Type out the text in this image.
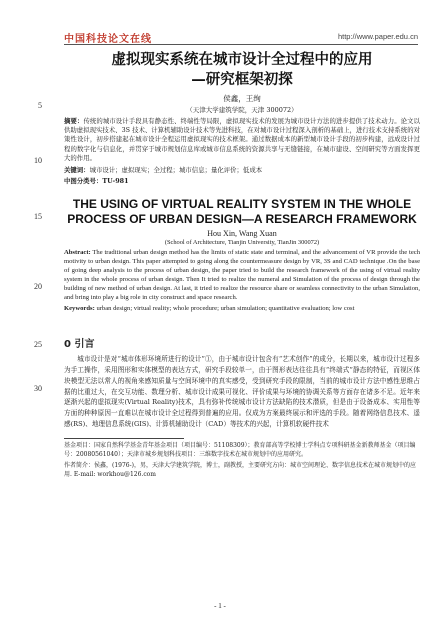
中国科技论文在线	http://www.paper.edu.cn
5
10
15
20
25
30
虚拟现实系统在城市设计全过程中的应用
—研究框架初探
侯鑫，王绚
（天津大学建筑学院，天津 300072）
摘要：传统的城市设计手段具有静态性、终端性等局限，虚拟现实技术的发展为城市设计方法的进步提供了技术动力。论文以供助虚拟现实技术、3S 技术、计算机辅助设计技术等先进科技，在对城市设计过程深入剖析的基础上，进行技术支持系统的对策性设计，初步搭建起在城市设计全程运用虚拟现实的技术框架。通过数据成本的新型城市设计手段的初步构建，远成设计过程的数字化与信息化，并贯穿于城市规划信息库或城市信息系统的资源共享与无缝链接，在城市建设、空间研究等方面发挥更大的作用。
关键词：城市设计；虚拟现实；全过程；城市信息；量化评价；低成本
中图分类号：TU-981
THE USING OF VIRTUAL REALITY SYSTEM IN THE WHOLE PROCESS OF URBAN DESIGN—A RESEARCH FRAMEWORK
Hou Xin, Wang Xuan
(School of Architecture, Tianjin University, TianJin 300072)
Abstract: The traditional urban design method has the limits of static state and terminal, and the advancement of VR provide the tech motivity to urban design. This paper attempted to going along the countermeasure design by VR, 3S and CAD technique .On the base of going deep analysis to the process of urban design, the paper tried to build the research framework of the using of virtual reality system in the whole process of urban design. Then It tried to realize the numeral and Simulation of the process of design through the building of new method of urban design. At last, it tried to realize the resource share or seamless connectivity to the urban Simulation, and bring into play a big role in city construct and space research.
Keywords: urban design; virtual reality; whole procedure; urban simulation; quantitative evaluation; low cost
0 引言
城市设计是对“城市体形环境所进行的设计”①，由于城市设计包含有“艺术创作”的成分，长期以来，城市设计过程多为手工操作，采用图形和实体模型的表达方式，研究手段较单一，由于图形表达往往具有“终端式”静态的特征，而视区体块模型无法以常人的视角来感知质量与空间环境中的真实感受，受到研究手段的限制，当前的城市设计方法中感性思维占据的比重过大，在交互功能、数理分析、城市设计成果可视化、评价成果与环境的协调关系等方面存在诸多不足。近年来逐渐兴起的虚拟现实(Virtual Reality)技术，具有弥补传统城市设计方法缺陷的技术潜质，但是由于设备成本、实用性等方面的种种原因一直难以在城市设计全过程得到普遍的应用。仅成为方案最终展示和评选的手段。随着网络信息技术、遥感(RS)、地理信息系统(GIS)、计算机辅助设计（CAD）等技术的兴起，计算机软硬件技术
基金项目：国家自然科学基金青年基金项目（项目编号：51108309）；教育部高等学校博士学科点专项科研基金新教师基金（项目编号：20080561040）；天津市城乡规划科技项目：三维数字技术在城市规划中的应用研究。
作者简介：侯鑫，(1976-)，男，天津大学建筑学院，博士，副教授，主要研究方向：城市空间理论、数字信息技术在城市规划中的应用. E-mail: workhou@126.com
- 1 -
